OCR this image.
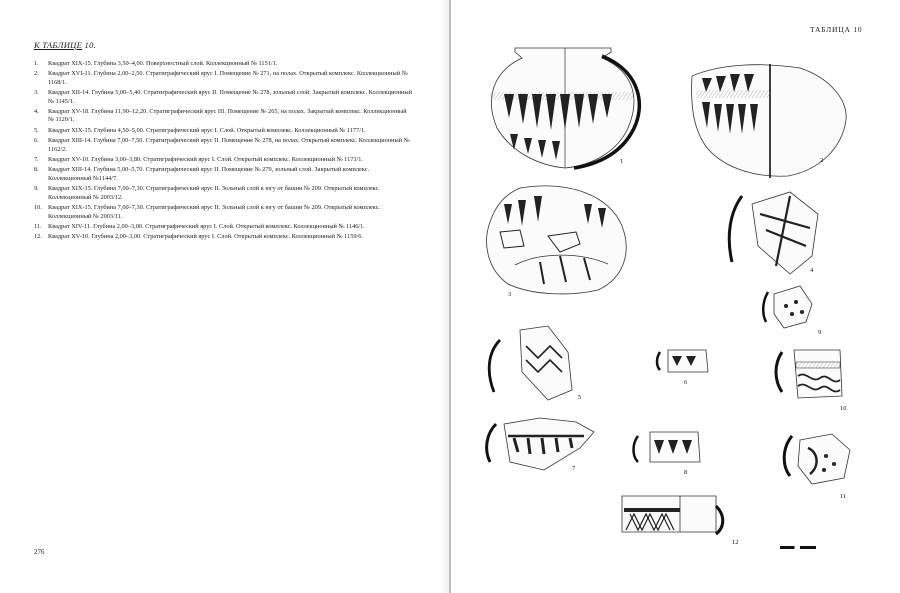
К ТАБЛИЦЕ 10.
1.	Квадрат XIX-15. Глубина 3,50–4,00. Поверхностный слой. Коллекционный № 1151/1.
2.	Квадрат XVI-11. Глубина 2,00–2,50. Стратиграфический ярус I. Помещение № 271, на полах. Открытый комплекс. Коллекционный № 1168/1.
3.	Квадрат XII-14. Глубина 5,00–5,40. Стратиграфический ярус II. Помещение № 278, зольный слой. Закрытый комплекс. Коллекционный № 1145/1.
4.	Квадрат XV-18. Глубина 11,90–12,20. Стратиграфический ярус III. Помещение № 265, на полах. Закрытый комплекс. Коллекционный № 1120/1.
5.	Квадрат XIX-15. Глубина 4,50–5,00. Стратиграфический ярус I. Слой. Открытый комплекс. Коллекционный № 1177/1.
6.	Квадрат XIII-14. Глубина 7,00–7,50. Стратиграфический ярус II. Помещение № 278, на полах. Открытый комплекс. Коллекционный № 1162/2.
7.	Квадрат XV-10. Глубина 3,00–3,80. Стратиграфический ярус I. Слой. Открытый комплекс. Коллекционный № 1173/1.
8.	Квадрат XIII-14. Глубина 5,00–5,70. Стратиграфический ярус II. Помещение № 279, зольный слой. Закрытый комплекс. Коллекционный №1144/7.
9.	Квадрат XIX-15. Глубина 7,00–7,30. Стратиграфический ярус II. Зольный слой к югу от башни № 209. Открытый комплекс. Коллекционный № 2003/12.
10. Квадрат XIX-15. Глубина 7,00–7,30. Стратиграфический ярус II. Зольный слой к югу от башни № 209. Открытый комплекс. Коллекционный № 2003/11.
11.	Квадрат XIV-11. Глубина 2,00–3,00. Стратиграфический ярус I. Слой. Открытый комплекс. Коллекционный № 1146/1.
12. Квадрат XV-10. Глубина 2,00–3,00. Стратиграфический ярус I. Слой. Открытый комплекс. Коллекционный № 1159/6.
276
ТАБЛИЦА 10
1	2
3
4
9
5
6
10
7
8
11
12
